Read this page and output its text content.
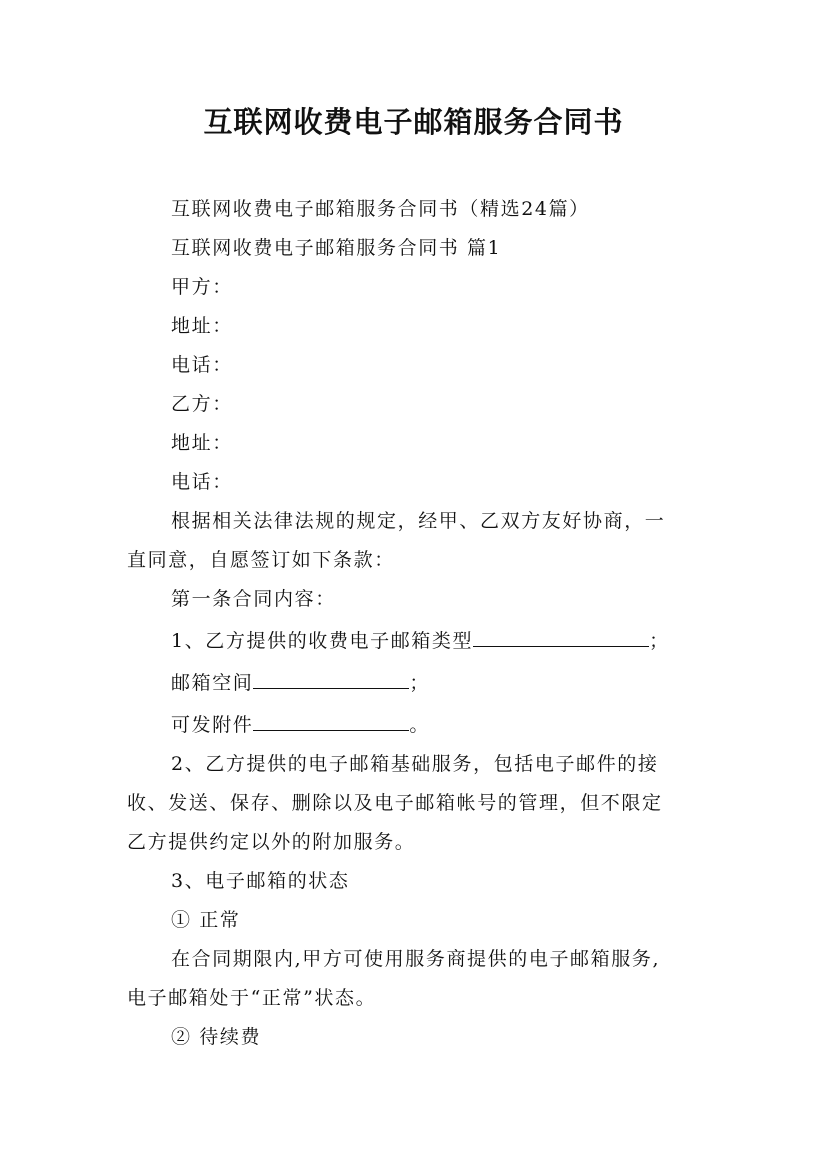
互联网收费电子邮箱服务合同书
互联网收费电子邮箱服务合同书（精选24篇）
互联网收费电子邮箱服务合同书 篇1
甲方：
地址：
电话：
乙方：
地址：
电话：
根据相关法律法规的规定，经甲、乙双方友好协商，一
直同意，自愿签订如下条款：
第一条合同内容：
1、乙方提供的收费电子邮箱类型	；
邮箱空间	；
可发附件	。
2、乙方提供的电子邮箱基础服务，包括电子邮件的接
收、发送、保存、删除以及电子邮箱帐号的管理，但不限定
乙方提供约定以外的附加服务。
3、电子邮箱的状态
① 正常
在合同期限内,甲方可使用服务商提供的电子邮箱服务,
电子邮箱处于“正常”状态。
② 待续费
